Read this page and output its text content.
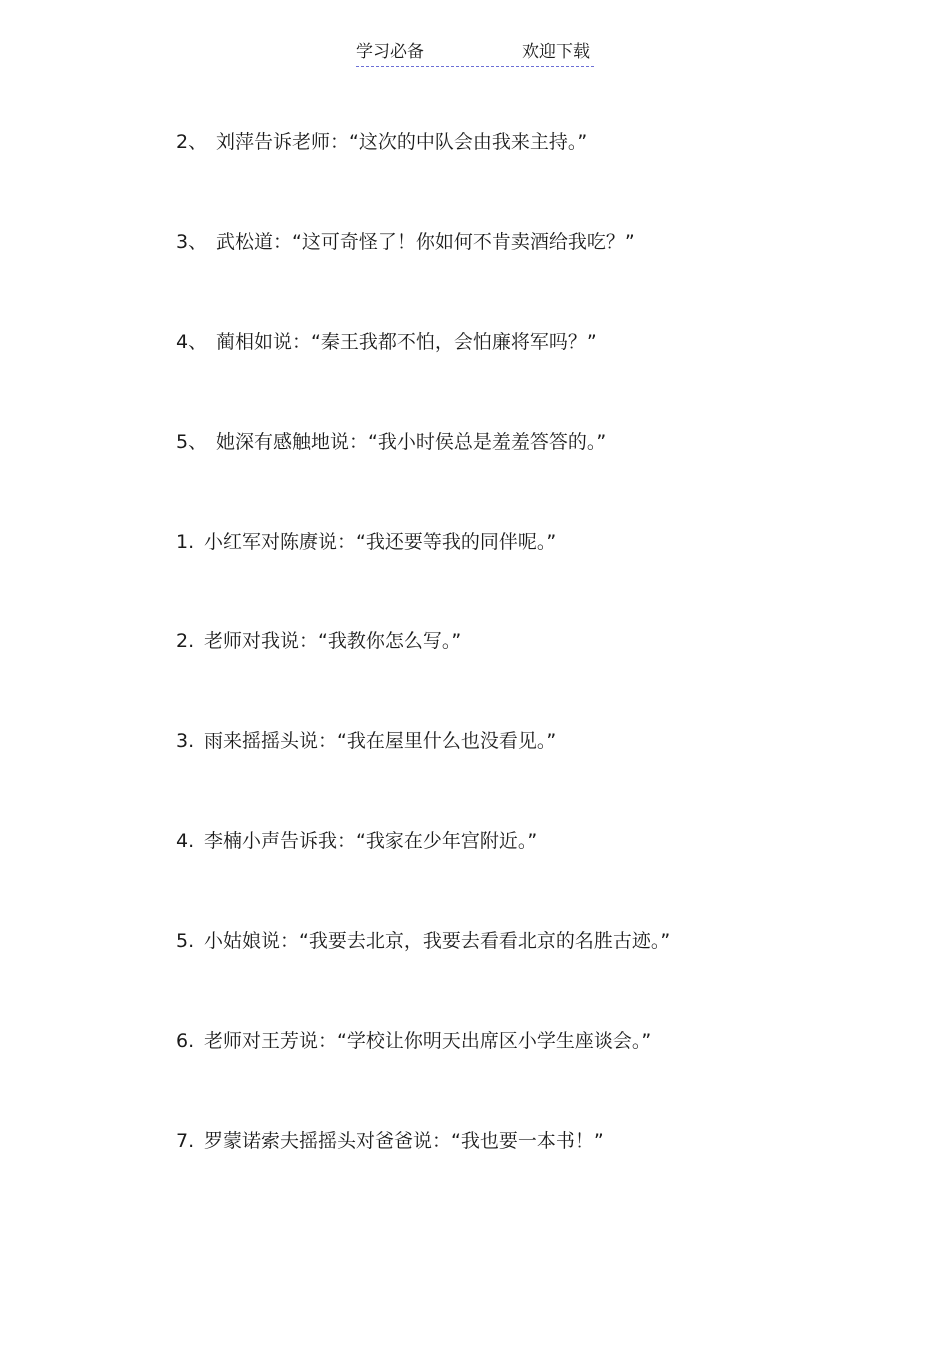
学习必备	欢迎下载
2、 刘萍告诉老师：“这次的中队会由我来主持。”
3、 武松道：“这可奇怪了！你如何不肯卖酒给我吃？”
4、 蔺相如说：“秦王我都不怕，会怕廉将军吗？”
5、 她深有感触地说：“我小时侯总是羞羞答答的。”
1. 小红军对陈赓说：“我还要等我的同伴呢。”
2. 老师对我说：“我教你怎么写。”
3. 雨来摇摇头说：“我在屋里什么也没看见。”
4. 李楠小声告诉我：“我家在少年宫附近。”
5. 小姑娘说：“我要去北京，我要去看看北京的名胜古迹。”
6. 老师对王芳说：“学校让你明天出席区小学生座谈会。”
7. 罗蒙诺索夫摇摇头对爸爸说：“我也要一本书！”
